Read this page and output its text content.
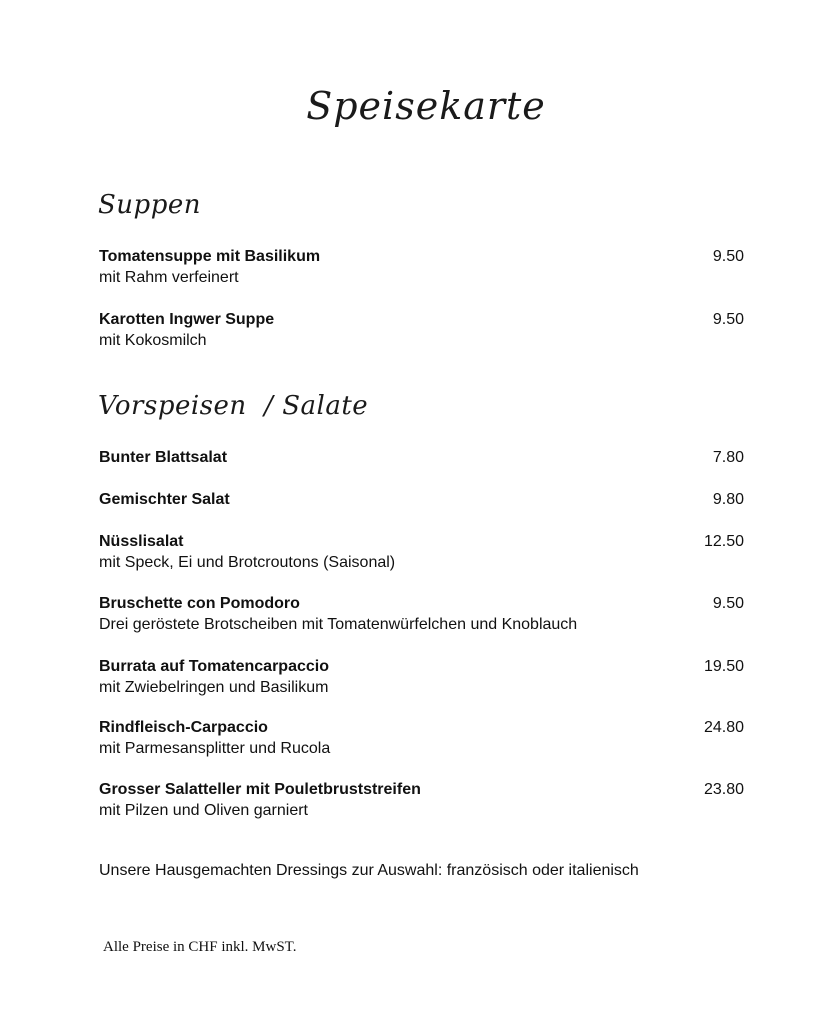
Speisekarte
Suppen
Tomatensuppe mit Basilikum
mit Rahm verfeinert
9.50
Karotten Ingwer Suppe
mit Kokosmilch
9.50
Vorspeisen  / Salate
Bunter Blattsalat	7.80
Gemischter Salat	9.80
Nüsslisalat
mit Speck, Ei und Brotcroutons (Saisonal)
12.50
Bruschette con Pomodoro
Drei geröstete Brotscheiben mit Tomatenwürfelchen und Knoblauch
9.50
Burrata auf Tomatencarpaccio
mit Zwiebelringen und Basilikum
19.50
Rindfleisch-Carpaccio
mit Parmesansplitter und Rucola
24.80
Grosser Salatteller mit Pouletbruststreifen
mit Pilzen und Oliven garniert
23.80
Unsere Hausgemachten Dressings zur Auswahl: französisch oder italienisch
Alle Preise in CHF inkl. MwST.
